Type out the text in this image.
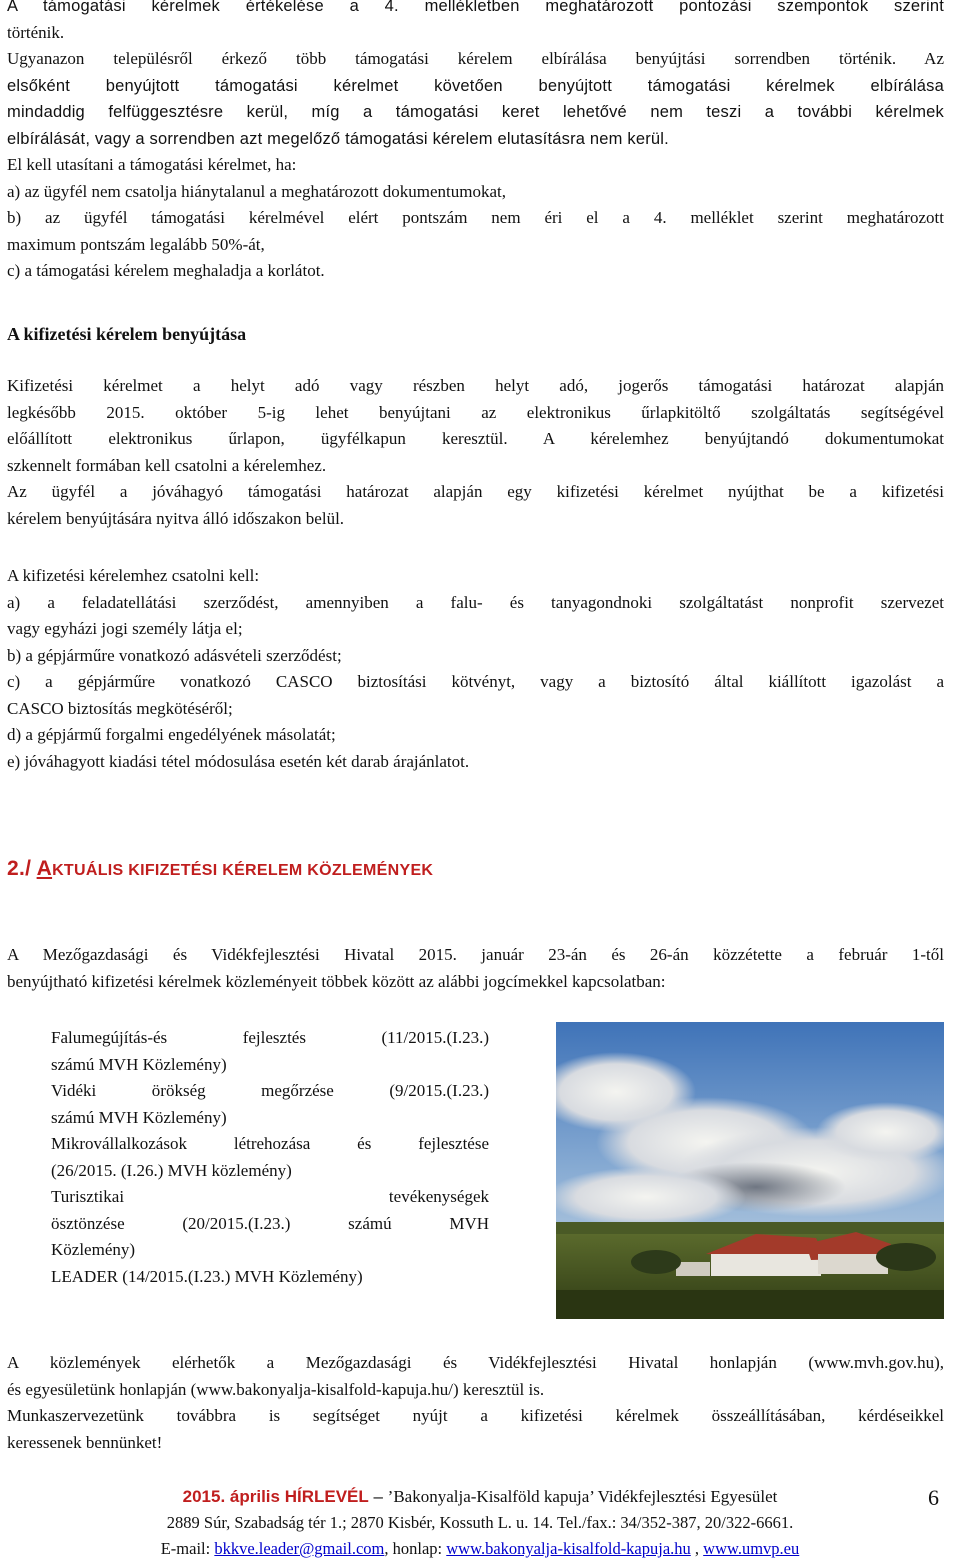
A támogatási kérelmek értékelése a 4. mellékletben meghatározott pontozási szempontok szerint
történik.
Ugyanazon településről érkező több támogatási kérelem elbírálása benyújtási sorrendben történik. Az
elsőként benyújtott támogatási kérelmet követően benyújtott támogatási kérelmek elbírálása
mindaddig felfüggesztésre kerül, míg a támogatási keret lehetővé nem teszi a további kérelmek
elbírálását, vagy a sorrendben azt megelőző támogatási kérelem elutasításra nem kerül.
El kell utasítani a támogatási kérelmet, ha:
a) az ügyfél nem csatolja hiánytalanul a meghatározott dokumentumokat,
b) az ügyfél támogatási kérelmével elért pontszám nem éri el a 4. melléklet szerint meghatározott
maximum pontszám legalább 50%-át,
c) a támogatási kérelem meghaladja a korlátot.
A kifizetési kérelem benyújtása
Kifizetési kérelmet a helyt adó vagy részben helyt adó, jogerős támogatási határozat alapján
legkésőbb 2015. október 5-ig lehet benyújtani az elektronikus űrlapkitöltő szolgáltatás segítségével
előállított elektronikus űrlapon, ügyfélkapun keresztül. A kérelemhez benyújtandó dokumentumokat
szkennelt formában kell csatolni a kérelemhez.
Az ügyfél a jóváhagyó támogatási határozat alapján egy kifizetési kérelmet nyújthat be a kifizetési
kérelem benyújtására nyitva álló időszakon belül.
A kifizetési kérelemhez csatolni kell:
a) a feladatellátási szerződést, amennyiben a falu- és tanyagondnoki szolgáltatást nonprofit szervezet
vagy egyházi jogi személy látja el;
b) a gépjárműre vonatkozó adásvételi szerződést;
c) a gépjárműre vonatkozó CASCO biztosítási kötvényt, vagy a biztosító által kiállított igazolást a
CASCO biztosítás megkötéséről;
d) a gépjármű forgalmi engedélyének másolatát;
e) jóváhagyott kiadási tétel módosulása esetén két darab árajánlatot.
2./ AKTUÁLIS KIFIZETÉSI KÉRELEM KÖZLEMÉNYEK
A Mezőgazdasági és Vidékfejlesztési Hivatal 2015. január 23-án és 26-án közzétette a február 1-től
benyújtható kifizetési kérelmek közleményeit többek között az alábbi jogcímekkel kapcsolatban:
Falumegújítás-és fejlesztés (11/2015.(I.23.)
számú MVH Közlemény)
Vidéki örökség megőrzése (9/2015.(I.23.)
számú MVH Közlemény)
Mikrovállalkozások létrehozása és fejlesztése
(26/2015. (I.26.) MVH közlemény)
Turisztikai tevékenységek
ösztönzése (20/2015.(I.23.) számú MVH
Közlemény)
LEADER (14/2015.(I.23.) MVH Közlemény)
A közlemények elérhetők a Mezőgazdasági és Vidékfejlesztési Hivatal honlapján (www.mvh.gov.hu),
és egyesületünk honlapján (www.bakonyalja-kisalfold-kapuja.hu/) keresztül is.
Munkaszervezetünk továbbra is segítséget nyújt a kifizetési kérelmek összeállításában, kérdéseikkel
keressenek bennünket!
2015. április HÍRLEVÉL – ’Bakonyalja-Kisalföld kapuja’ Vidékfejlesztési Egyesület	6
2889 Súr, Szabadság tér 1.; 2870 Kisbér, Kossuth L. u. 14. Tel./fax.: 34/352-387, 20/322-6661.
E-mail: bkkve.leader@gmail.com, honlap: www.bakonyalja-kisalfold-kapuja.hu , www.umvp.eu
